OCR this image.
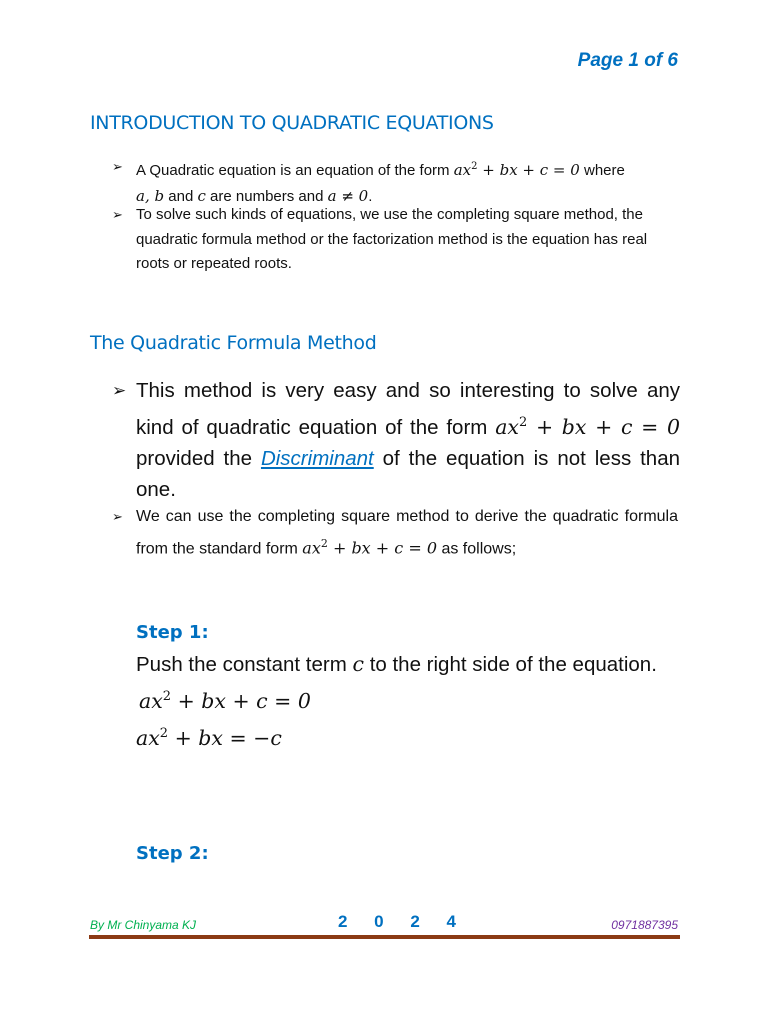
Page 1 of 6
INTRODUCTION TO QUADRATIC EQUATIONS
➢ A Quadratic equation is an equation of the form $ax^2$ + bx + c = 0 where
a, b and c are numbers and a ≠ 0.
➢ To solve such kinds of equations, we use the completing square method, the quadratic formula method or the factorization method is the equation has real roots or repeated roots.
The Quadratic Formula Method
➢ This method is very easy and so interesting to solve any kind of quadratic equation of the form $ax^2$ + bx + c = 0 provided the Discriminant of the equation is not less than one.
➢ We can use the completing square method to derive the quadratic formula from the standard form $ax^2$ + bx + c = 0 as follows;
Step 1:
Push the constant term c to the right side of the equation.
$ax^2$ + bx + c = 0
$ax^2$ + bx = −c
Step 2:
By Mr Chinyama KJ	2 0 2 4	0971887395
